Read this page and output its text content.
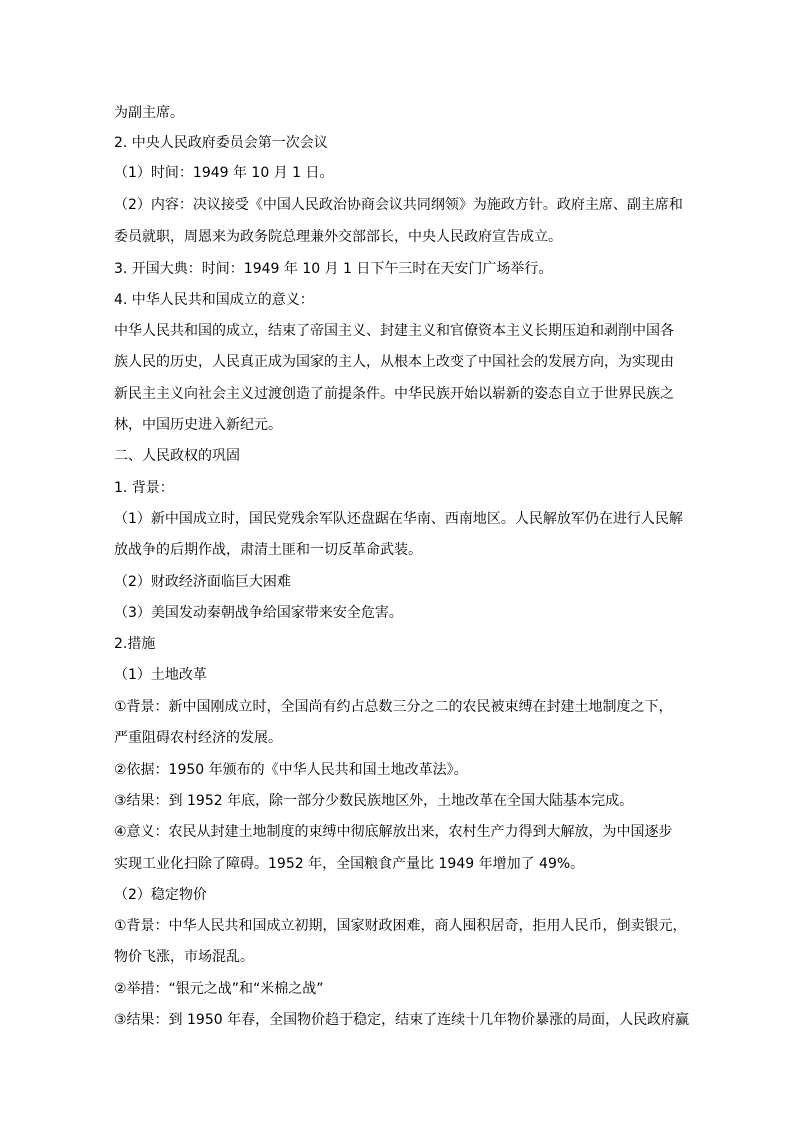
为副主席。
2. 中央人民政府委员会第一次会议
（1）时间：1949 年 10 月 1 日。
（2）内容：决议接受《中国人民政治协商会议共同纲领》为施政方针。政府主席、副主席和
委员就职，周恩来为政务院总理兼外交部部长，中央人民政府宣告成立。
3. 开国大典：时间：1949 年 10 月 1 日下午三时在天安门广场举行。
4. 中华人民共和国成立的意义：
中华人民共和国的成立，结束了帝国主义、封建主义和官僚资本主义长期压迫和剥削中国各
族人民的历史，人民真正成为国家的主人，从根本上改变了中国社会的发展方向，为实现由
新民主主义向社会主义过渡创造了前提条件。中华民族开始以崭新的姿态自立于世界民族之
林，中国历史进入新纪元。
二、人民政权的巩固
1. 背景：
（1）新中国成立时，国民党残余军队还盘踞在华南、西南地区。人民解放军仍在进行人民解
放战争的后期作战，肃清土匪和一切反革命武装。
（2）财政经济面临巨大困难
（3）美国发动秦朝战争给国家带来安全危害。
2.措施
（1）土地改革
①背景：新中国刚成立时，全国尚有约占总数三分之二的农民被束缚在封建土地制度之下，
严重阻碍农村经济的发展。
②依据：1950 年颁布的《中华人民共和国土地改革法》。
③结果：到 1952 年底，除一部分少数民族地区外，土地改革在全国大陆基本完成。
④意义：农民从封建土地制度的束缚中彻底解放出来，农村生产力得到大解放，为中国逐步
实现工业化扫除了障碍。1952 年，全国粮食产量比 1949 年增加了 49%。
（2）稳定物价
①背景：中华人民共和国成立初期，国家财政困难，商人囤积居奇，拒用人民币，倒卖银元，
物价飞涨，市场混乱。
②举措：“银元之战”和“米棉之战”
③结果：到 1950 年春，全国物价趋于稳定，结束了连续十几年物价暴涨的局面，人民政府赢
